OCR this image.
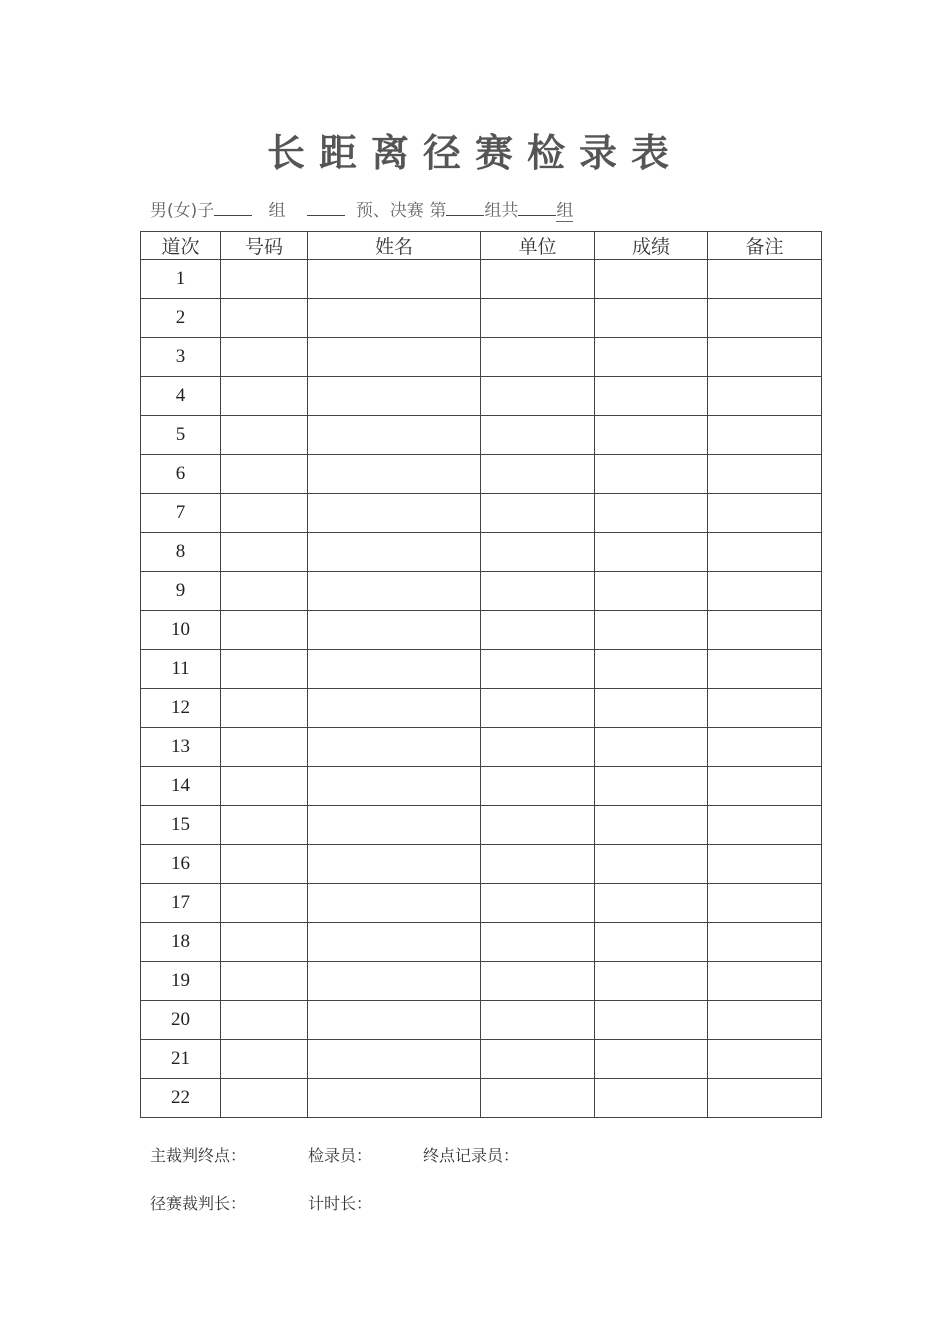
长距离径赛检录表
男(女)子	组	预、决赛 第 组共 组
道次	号码	姓名	单位	成绩	备注
1					
2					
3					
4					
5					
6					
7					
8					
9					
10					
11					
12					
13					
14					
15					
16					
17					
18					
19					
20					
21					
22					
主裁判终点：	检录员：	终点记录员：
径赛裁判长：	计时长：
